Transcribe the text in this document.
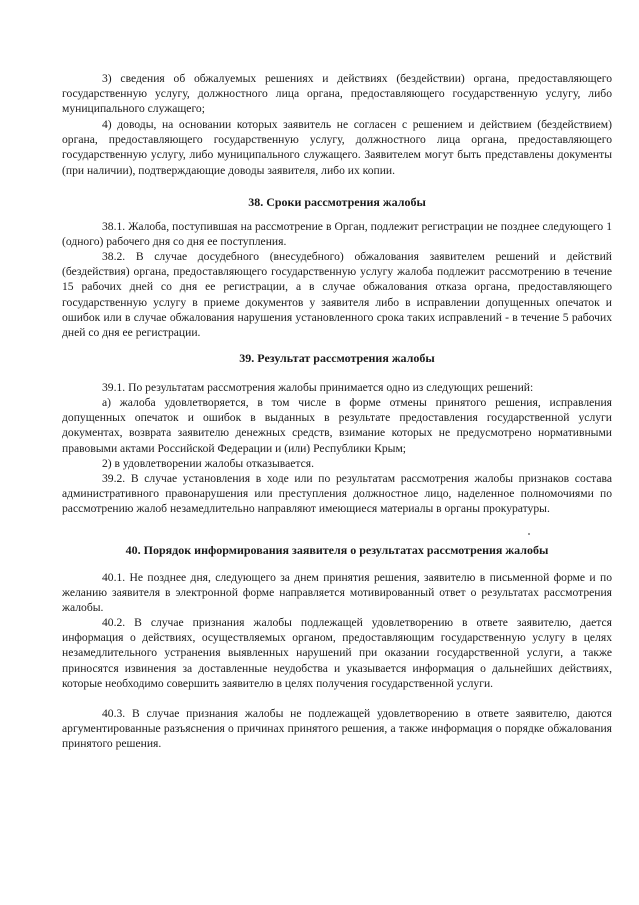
3) сведения об обжалуемых решениях и действиях (бездействии) органа, предоставляющего государственную услугу, должностного лица органа, предоставляющего государственную услугу, либо муниципального служащего;

4) доводы, на основании которых заявитель не согласен с решением и действием (бездействием) органа, предоставляющего государственную услугу, должностного лица органа, предоставляющего государственную услугу, либо муниципального служащего. Заявителем могут быть представлены документы (при наличии), подтверждающие доводы заявителя, либо их копии.

38. Сроки рассмотрения жалобы

38.1. Жалоба, поступившая на рассмотрение в Орган, подлежит регистрации не позднее следующего 1 (одного) рабочего дня со дня ее поступления.

38.2. В случае досудебного (внесудебного) обжалования заявителем решений и действий (бездействия) органа, предоставляющего государственную услугу жалоба подлежит рассмотрению в течение 15 рабочих дней со дня ее регистрации, а в случае обжалования отказа органа, предоставляющего государственную услугу в приеме документов у заявителя либо в исправлении допущенных опечаток и ошибок или в случае обжалования нарушения установленного срока таких исправлений - в течение 5 рабочих дней со дня ее регистрации.

39. Результат рассмотрения жалобы

39.1. По результатам рассмотрения жалобы принимается одно из следующих решений:

а) жалоба удовлетворяется, в том числе в форме отмены принятого решения, исправления допущенных опечаток и ошибок в выданных в результате предоставления государственной услуги документах, возврата заявителю денежных средств, взимание которых не предусмотрено нормативными правовыми актами Российской Федерации и (или) Республики Крым;

2) в удовлетворении жалобы отказывается.

39.2. В случае установления в ходе или по результатам рассмотрения жалобы признаков состава административного правонарушения или преступления должностное лицо, наделенное полномочиями по рассмотрению жалоб незамедлительно направляют имеющиеся материалы в органы прокуратуры.

40. Порядок информирования заявителя о результатах рассмотрения жалобы

40.1. Не позднее дня, следующего за днем принятия решения, заявителю в письменной форме и по желанию заявителя в электронной форме направляется мотивированный ответ о результатах рассмотрения жалобы.

40.2. В случае признания жалобы подлежащей удовлетворению в ответе заявителю, дается информация о действиях, осуществляемых органом, предоставляющим государственную услугу в целях незамедлительного устранения выявленных нарушений при оказании государственной услуги, а также приносятся извинения за доставленные неудобства и указывается информация о дальнейших действиях, которые необходимо совершить заявителю в целях получения государственной услуги.

40.3. В случае признания жалобы не подлежащей удовлетворению в ответе заявителю, даются аргументированные разъяснения о причинах принятого решения, а также информация о порядке обжалования принятого решения.
